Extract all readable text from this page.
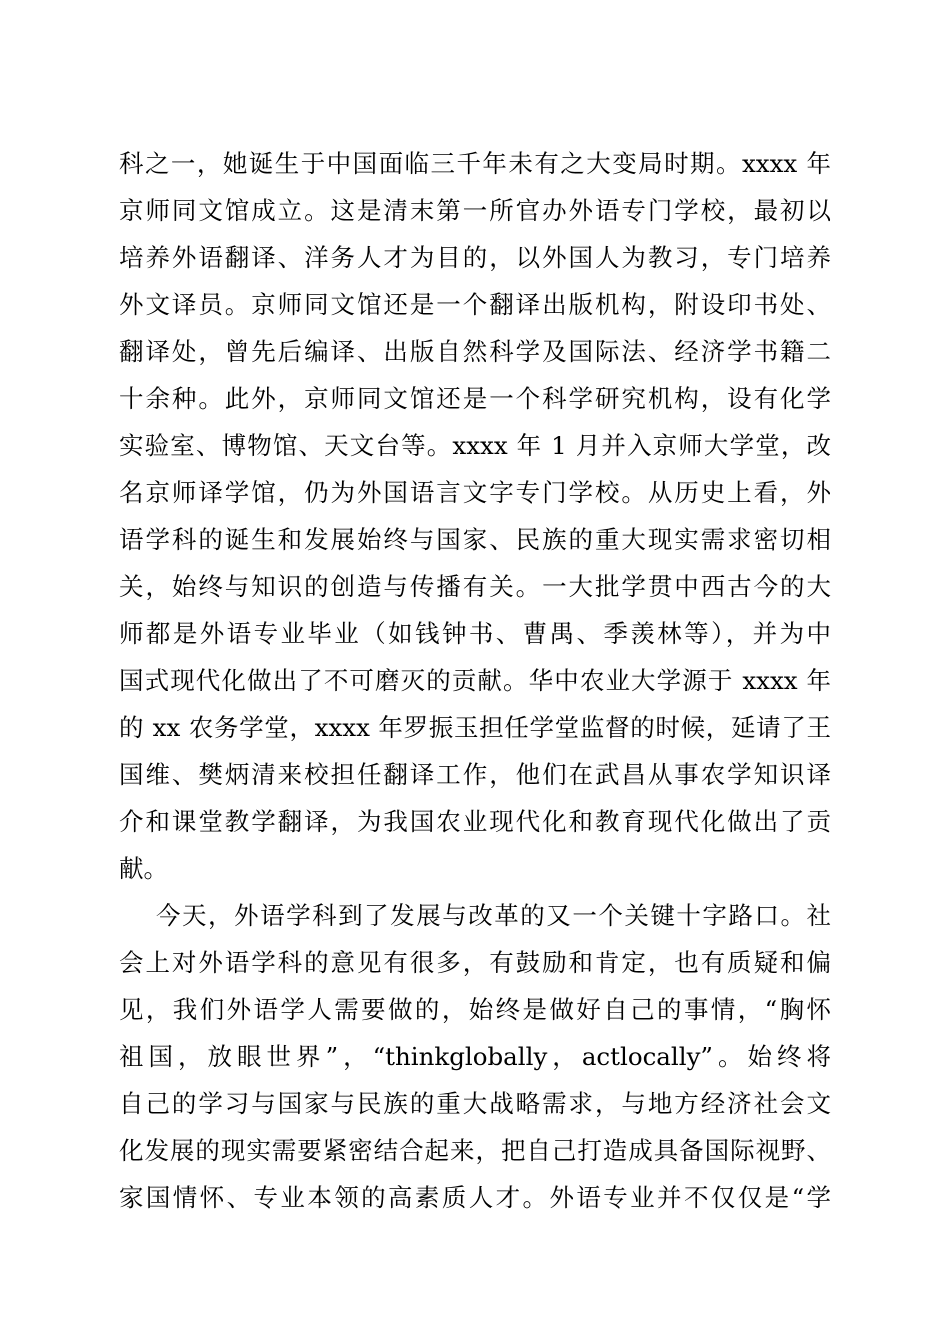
科之一，她诞生于中国面临三千年未有之大变局时期。xxxx 年
京师同文馆成立。这是清末第一所官办外语专门学校，最初以
培养外语翻译、洋务人才为目的，以外国人为教习，专门培养
外文译员。京师同文馆还是一个翻译出版机构，附设印书处、
翻译处，曾先后编译、出版自然科学及国际法、经济学书籍二
十余种。此外，京师同文馆还是一个科学研究机构，设有化学
实验室、博物馆、天文台等。xxxx 年 1 月并入京师大学堂，改
名京师译学馆，仍为外国语言文字专门学校。从历史上看，外
语学科的诞生和发展始终与国家、民族的重大现实需求密切相
关，始终与知识的创造与传播有关。一大批学贯中西古今的大
师都是外语专业毕业（如钱钟书、曹禺、季羡林等），并为中
国式现代化做出了不可磨灭的贡献。华中农业大学源于 xxxx 年
的 xx 农务学堂，xxxx 年罗振玉担任学堂监督的时候，延请了王
国维、樊炳清来校担任翻译工作，他们在武昌从事农学知识译
介和课堂教学翻译，为我国农业现代化和教育现代化做出了贡
献。
今天，外语学科到了发展与改革的又一个关键十字路口。社
会上对外语学科的意见有很多，有鼓励和肯定，也有质疑和偏
见，我们外语学人需要做的，始终是做好自己的事情，“胸怀
祖国，放眼世界”，“thinkglobally，actlocally”。始终将
自己的学习与国家与民族的重大战略需求，与地方经济社会文
化发展的现实需要紧密结合起来，把自己打造成具备国际视野、
家国情怀、专业本领的高素质人才。外语专业并不仅仅是“学
